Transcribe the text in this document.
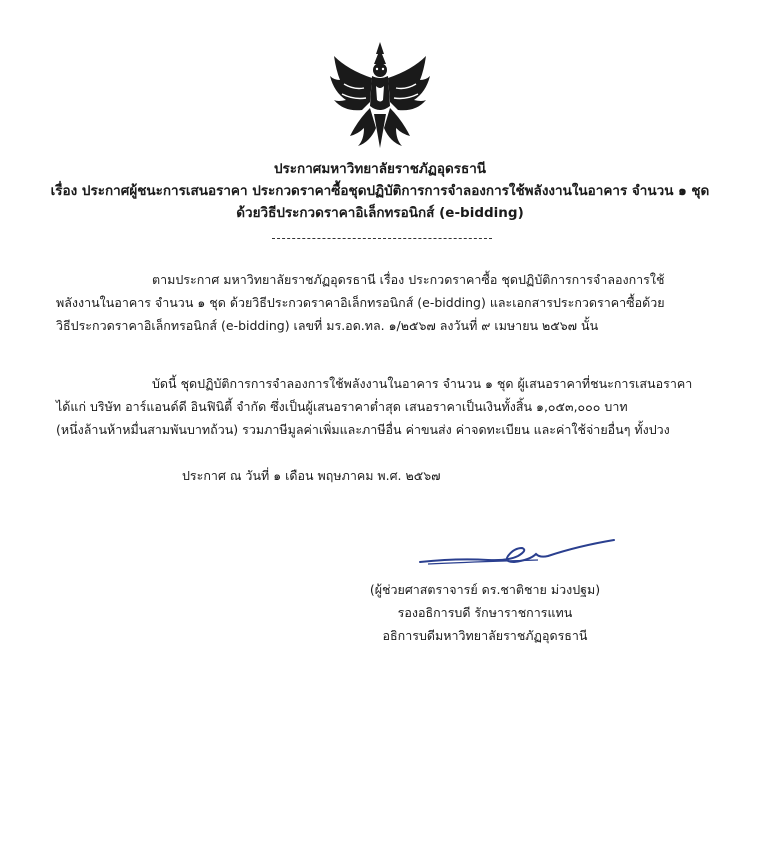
ประกาศมหาวิทยาลัยราชภัฏอุดรธานี
เรื่อง ประกาศผู้ชนะการเสนอราคา ประกวดราคาซื้อชุดปฏิบัติการการจำลองการใช้พลังงานในอาคาร จำนวน ๑ ชุด
ด้วยวิธีประกวดราคาอิเล็กทรอนิกส์ (e-bidding)
ตามประกาศ มหาวิทยาลัยราชภัฏอุดรธานี เรื่อง ประกวดราคาซื้อ ชุดปฏิบัติการการจำลองการใช้
พลังงานในอาคาร จำนวน ๑ ชุด ด้วยวิธีประกวดราคาอิเล็กทรอนิกส์ (e-bidding) และเอกสารประกวดราคาซื้อด้วย
วิธีประกวดราคาอิเล็กทรอนิกส์ (e-bidding) เลขที่ มร.อด.ทล. ๑/๒๕๖๗ ลงวันที่ ๙ เมษายน ๒๕๖๗ นั้น
บัดนี้ ชุดปฏิบัติการการจำลองการใช้พลังงานในอาคาร จำนวน ๑ ชุด ผู้เสนอราคาที่ชนะการเสนอราคา
ได้แก่ บริษัท อาร์แอนด์ดี อินฟินิตี้ จำกัด ซึ่งเป็นผู้เสนอราคาต่ำสุด เสนอราคาเป็นเงินทั้งสิ้น ๑,๐๕๓,๐๐๐ บาท
(หนึ่งล้านห้าหมื่นสามพันบาทถ้วน) รวมภาษีมูลค่าเพิ่มและภาษีอื่น ค่าขนส่ง ค่าจดทะเบียน และค่าใช้จ่ายอื่นๆ ทั้งปวง
ประกาศ ณ วันที่ ๑ เดือน พฤษภาคม พ.ศ. ๒๕๖๗
(ผู้ช่วยศาสตราจารย์ ดร.ชาติชาย ม่วงปฐม)
รองอธิการบดี รักษาราชการแทน
อธิการบดีมหาวิทยาลัยราชภัฏอุดรธานี
